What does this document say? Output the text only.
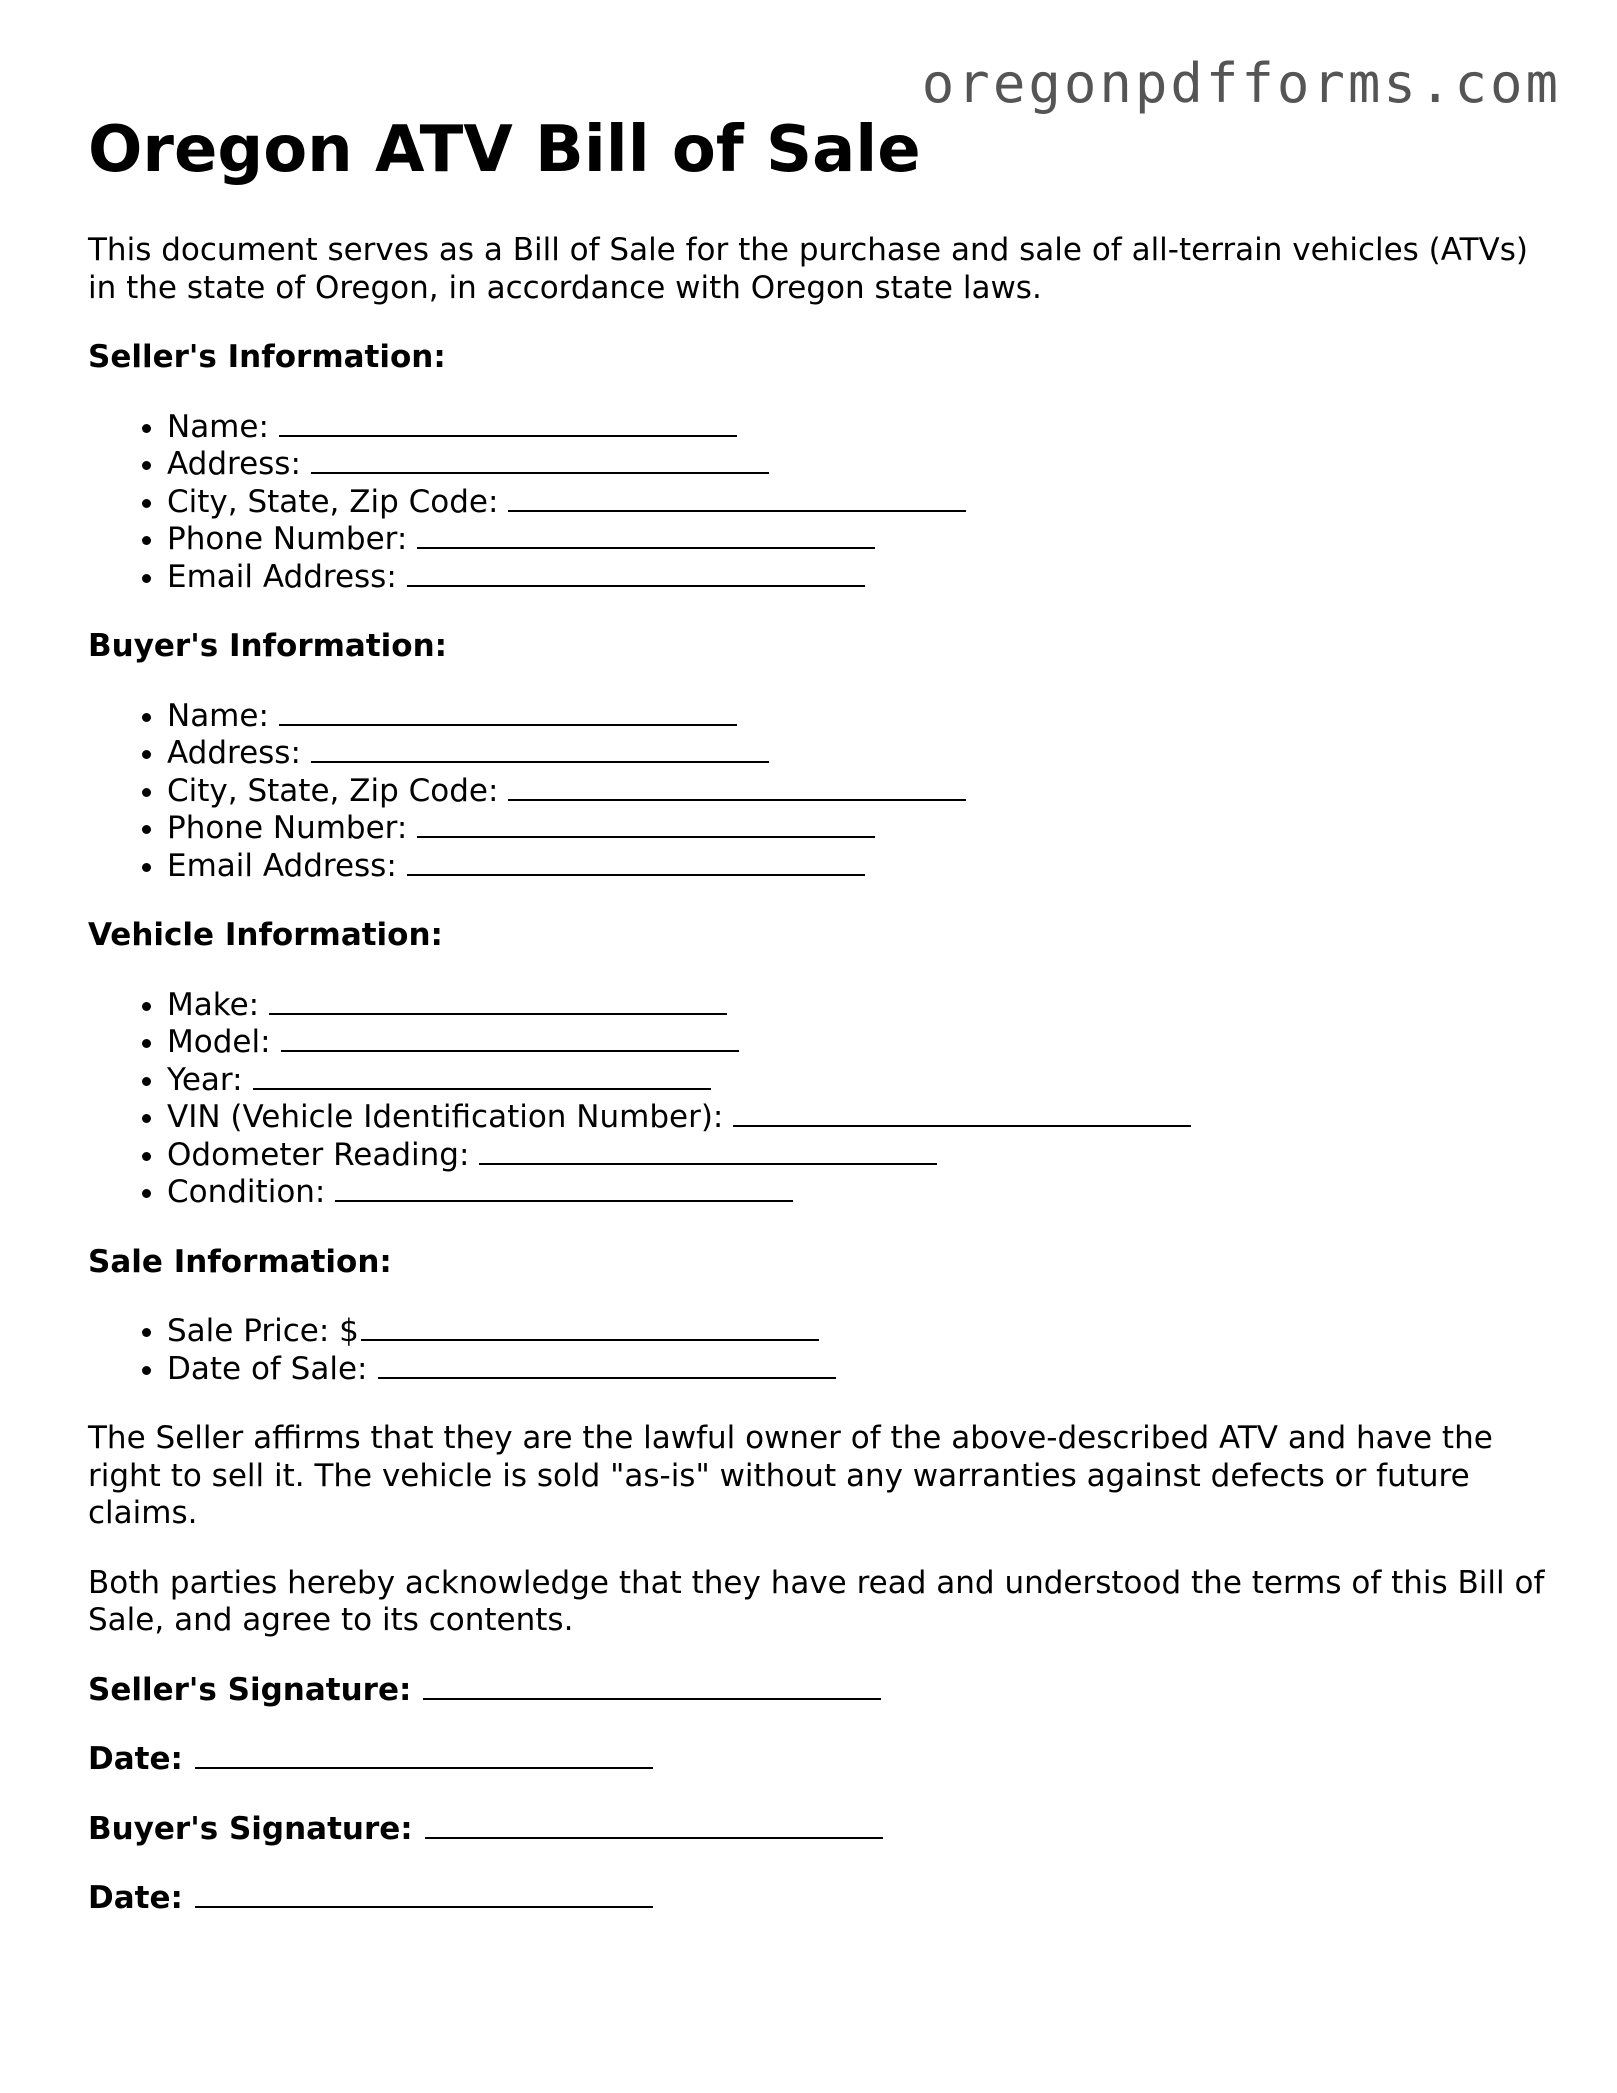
oregonpdfforms.com
Oregon ATV Bill of Sale

This document serves as a Bill of Sale for the purchase and sale of all-terrain vehicles (ATVs) in the state of Oregon, in accordance with Oregon state laws.

Seller's Information:

• Name:
• Address:
• City, State, Zip Code:
• Phone Number:
• Email Address:

Buyer's Information:

• Name:
• Address:
• City, State, Zip Code:
• Phone Number:
• Email Address:

Vehicle Information:

• Make:
• Model:
• Year:
• VIN (Vehicle Identification Number):
• Odometer Reading:
• Condition:

Sale Information:

• Sale Price: $
• Date of Sale:

The Seller affirms that they are the lawful owner of the above-described ATV and have the right to sell it. The vehicle is sold "as-is" without any warranties against defects or future claims.

Both parties hereby acknowledge that they have read and understood the terms of this Bill of Sale, and agree to its contents.

Seller's Signature:

Date:

Buyer's Signature:

Date:
